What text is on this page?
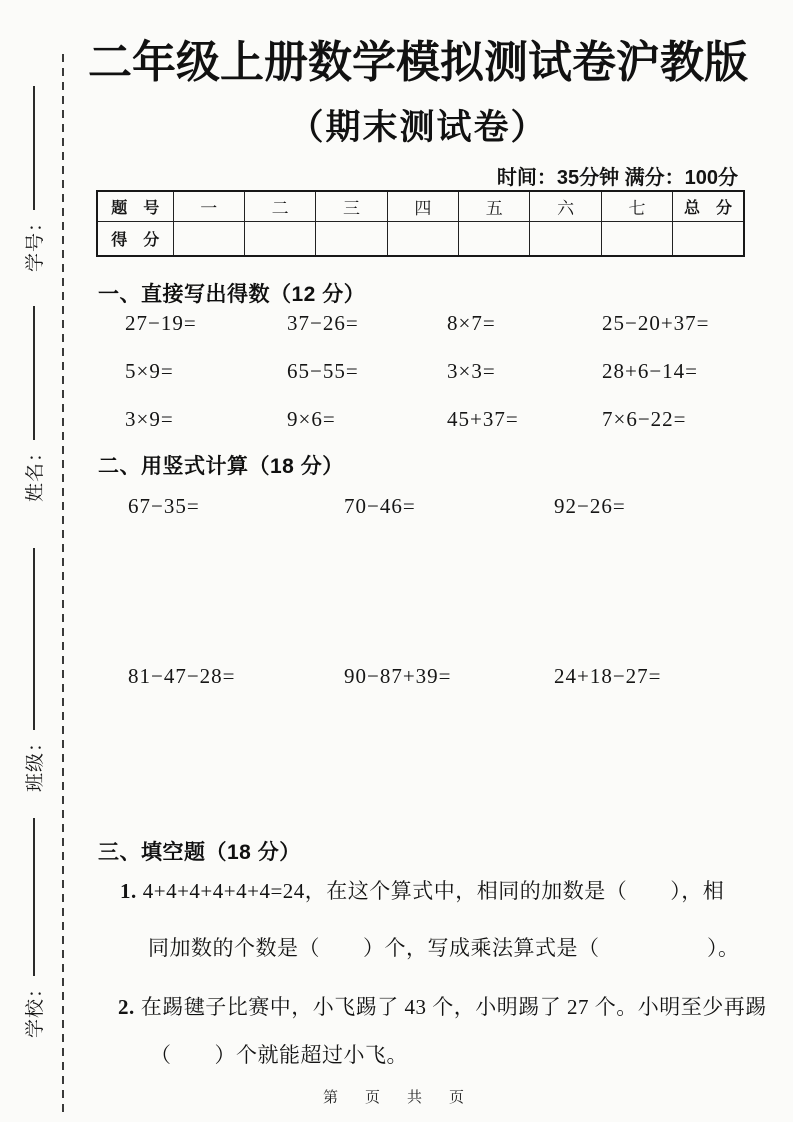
学号：
姓名：
班级：
学校：
二年级上册数学模拟测试卷沪教版
（期末测试卷）
时间：35分钟 满分：100分
题　号	一	二	三	四	五	六	七	总　分
得　分								
一、直接写出得数（12 分）
27−19=	37−26=	8×7=	25−20+37=
5×9=	65−55=	3×3=	28+6−14=
3×9=	9×6=	45+37=	7×6−22=
二、用竖式计算（18 分）
67−35=	70−46=	92−26=
81−47−28=	90−87+39=	24+18−27=
三、填空题（18 分）
1. 4+4+4+4+4+4=24，在这个算式中，相同的加数是（　　），相
同加数的个数是（　　）个，写成乘法算式是（　　　　　）。
2. 在踢毽子比赛中，小飞踢了 43 个，小明踢了 27 个。小明至少再踢
（　　）个就能超过小飞。
第　页　共　页
